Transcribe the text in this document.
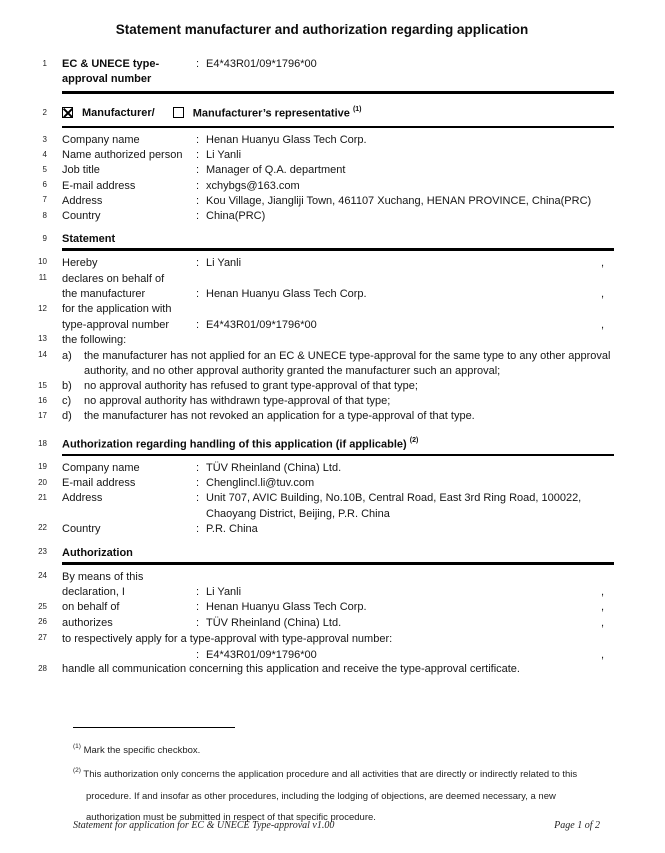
Statement manufacturer and authorization regarding application
1 EC & UNECE type-approval number
: E4*43R01/09*1796*00
2	Manufacturer/	Manufacturer’s representative $^{(1)}$
3 Company name	: Henan Huanyu Glass Tech Corp.
4 Name authorized person	: Li Yanli
5 Job title	: Manager of Q.A. department
6 E-mail address	: xchybgs@163.com
7 Address	: Kou Village, Jiangliji Town, 461107 Xuchang, HENAN PROVINCE, China(PRC)
8 Country	: China(PRC)
9 Statement
10 Hereby	: Li Yanli	,
11 declares on behalf of
the manufacturer	: Henan Huanyu Glass Tech Corp.	,
12 for the application with
type-approval number	: E4*43R01/09*1796*00	,
13 the following:
14 a)	the manufacturer has not applied for an EC & UNECE type-approval for the same type to any other approval authority, and no other approval authority granted the manufacturer such an approval;
15 b)	no approval authority has refused to grant type-approval of that type;
16 c)	no approval authority has withdrawn type-approval of that type;
17 d)	the manufacturer has not revoked an application for a type-approval of that type.
18 Authorization regarding handling of this application (if applicable) $^{(2)}$
19 Company name	: TÜV Rheinland (China) Ltd.
20 E-mail address	: Chenglincl.li@tuv.com
21 Address	: Unit 707, AVIC Building, No.10B, Central Road, East 3rd Ring Road, 100022, Chaoyang District, Beijing, P.R. China
22 Country	: P.R. China
23 Authorization
24 By means of this
declaration, I	: Li Yanli	,
25 on behalf of	: Henan Huanyu Glass Tech Corp.	,
26 authorizes	: TÜV Rheinland (China) Ltd.	,
27 to respectively apply for a type-approval with type-approval number:
: E4*43R01/09*1796*00	,
28 handle all communication concerning this application and receive the type-approval certificate.
$^{(1)}$ Mark the specific checkbox.
$^{(2)}$ This authorization only concerns the application procedure and all activities that are directly or indirectly related to this procedure. If and insofar as other procedures, including the lodging of objections, are deemed necessary, a new authorization must be submitted in respect of that specific procedure.
Statement for application for EC & UNECE Type-approval v1.00	Page 1 of 2
